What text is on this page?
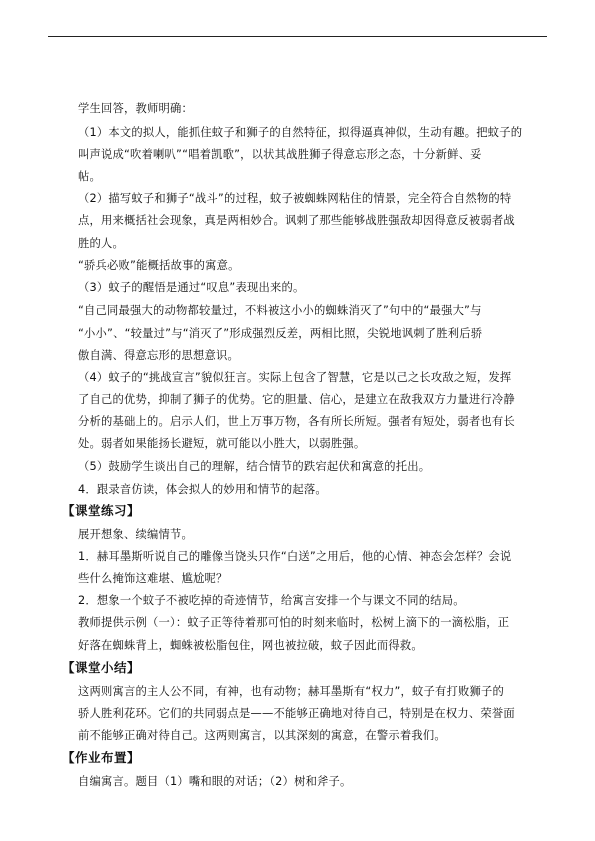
学生回答，教师明确：
（1）本文的拟人，能抓住蚊子和狮子的自然特征，拟得逼真神似，生动有趣。把蚊子的
叫声说成“吹着喇叭”“唱着凯歌”，以状其战胜狮子得意忘形之态，十分新鲜、妥
帖。
（2）描写蚊子和狮子“战斗”的过程，蚊子被蜘蛛网粘住的情景，完全符合自然物的特
点，用来概括社会现象，真是两相妙合。讽刺了那些能够战胜强敌却因得意反被弱者战
胜的人。
“骄兵必败”能概括故事的寓意。
（3）蚊子的醒悟是通过“叹息”表现出来的。
“自己同最强大的动物都较量过，不料被这小小的蜘蛛消灭了”句中的“最强大”与
“小小”、“较量过”与“消灭了”形成强烈反差，两相比照，尖锐地讽刺了胜利后骄
傲自满、得意忘形的思想意识。
（4）蚊子的“挑战宣言”貌似狂言。实际上包含了智慧，它是以己之长攻敌之短，发挥
了自己的优势，抑制了狮子的优势。它的胆量、信心，是建立在敌我双方力量进行冷静
分析的基础上的。启示人们，世上万事万物，各有所长所短。强者有短处，弱者也有长
处。弱者如果能扬长避短，就可能以小胜大，以弱胜强。
（5）鼓励学生谈出自己的理解，结合情节的跌宕起伏和寓意的托出。
4．跟录音仿读，体会拟人的妙用和情节的起落。
【课堂练习】
展开想象、续编情节。
1．赫耳墨斯听说自己的雕像当饶头只作“白送”之用后，他的心情、神态会怎样？会说
些什么掩饰这难堪、尴尬呢？
2．想象一个蚊子不被吃掉的奇迹情节，给寓言安排一个与课文不同的结局。
教师提供示例（一）：蚊子正等待着那可怕的时刻来临时，松树上滴下的一滴松脂，正
好落在蜘蛛背上，蜘蛛被松脂包住，网也被拉破，蚊子因此而得救。
【课堂小结】
这两则寓言的主人公不同，有神，也有动物；赫耳墨斯有“权力”，蚊子有打败狮子的
骄人胜利花环。它们的共同弱点是——不能够正确地对待自己，特别是在权力、荣誉面
前不能够正确对待自己。这两则寓言，以其深刻的寓意，在警示着我们。
【作业布置】
自编寓言。题目（1）嘴和眼的对话；（2）树和斧子。
